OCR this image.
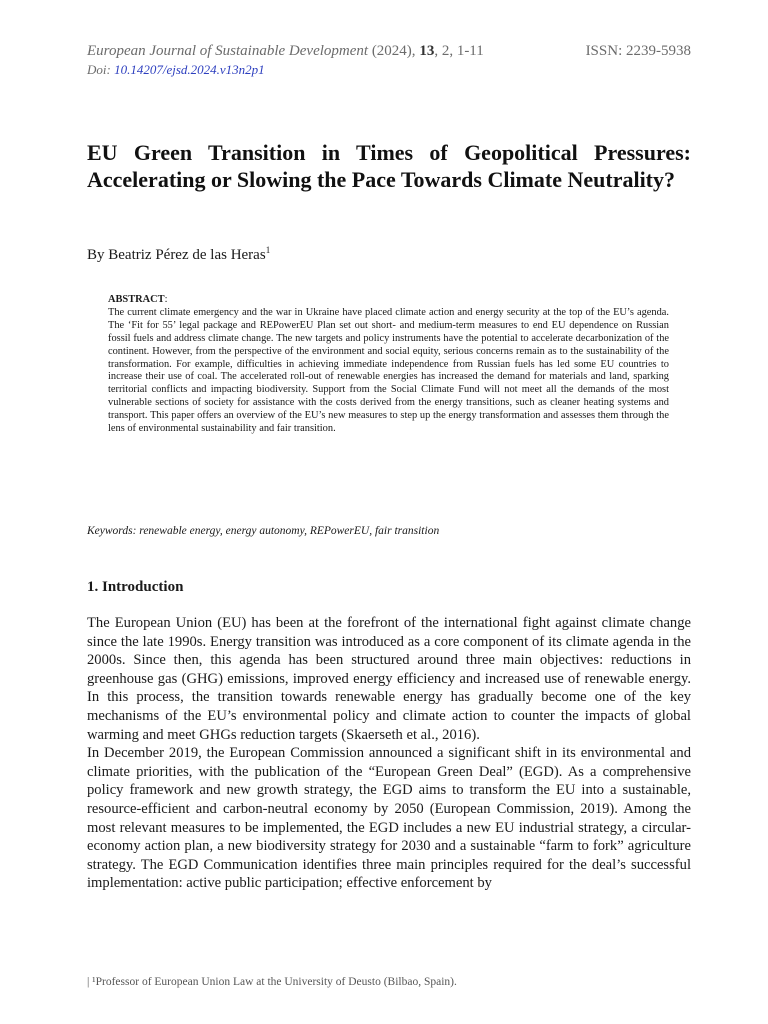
European Journal of Sustainable Development (2024), 13, 2, 1-11	ISSN: 2239-5938
Doi: 10.14207/ejsd.2024.v13n2p1
EU Green Transition in Times of Geopolitical Pressures: Accelerating or Slowing the Pace Towards Climate Neutrality?
By Beatriz Pérez de las Heras$^1$
ABSTRACT:
The current climate emergency and the war in Ukraine have placed climate action and energy security at the top of the EU’s agenda. The ‘Fit for 55’ legal package and REPowerEU Plan set out short- and medium-term measures to end EU dependence on Russian fossil fuels and address climate change. The new targets and policy instruments have the potential to accelerate decarbonization of the continent. However, from the perspective of the environment and social equity, serious concerns remain as to the sustainability of the transformation. For example, difficulties in achieving immediate independence from Russian fuels has led some EU countries to increase their use of coal. The accelerated roll-out of renewable energies has increased the demand for materials and land, sparking territorial conflicts and impacting biodiversity. Support from the Social Climate Fund will not meet all the demands of the most vulnerable sections of society for assistance with the costs derived from the energy transitions, such as cleaner heating systems and transport. This paper offers an overview of the EU’s new measures to step up the energy transformation and assesses them through the lens of environmental sustainability and fair transition.
Keywords: renewable energy, energy autonomy, REPowerEU, fair transition
1. Introduction

The European Union (EU) has been at the forefront of the international fight against climate change since the late 1990s. Energy transition was introduced as a core component of its climate agenda in the 2000s. Since then, this agenda has been structured around three main objectives: reductions in greenhouse gas (GHG) emissions, improved energy efficiency and increased use of renewable energy. In this process, the transition towards renewable energy has gradually become one of the key mechanisms of the EU’s environmental policy and climate action to counter the impacts of global warming and meet GHGs reduction targets (Skaerseth et al., 2016).

In December 2019, the European Commission announced a significant shift in its environmental and climate priorities, with the publication of the “European Green Deal” (EGD). As a comprehensive policy framework and new growth strategy, the EGD aims to transform the EU into a sustainable, resource-efficient and carbon-neutral economy by 2050 (European Commission, 2019). Among the most relevant measures to be implemented, the EGD includes a new EU industrial strategy, a circular-economy action plan, a new biodiversity strategy for 2030 and a sustainable “farm to fork” agriculture strategy. The EGD Communication identifies three main principles required for the deal’s successful implementation: active public participation; effective enforcement by

| ¹Professor of European Union Law at the University of Deusto (Bilbao, Spain).
